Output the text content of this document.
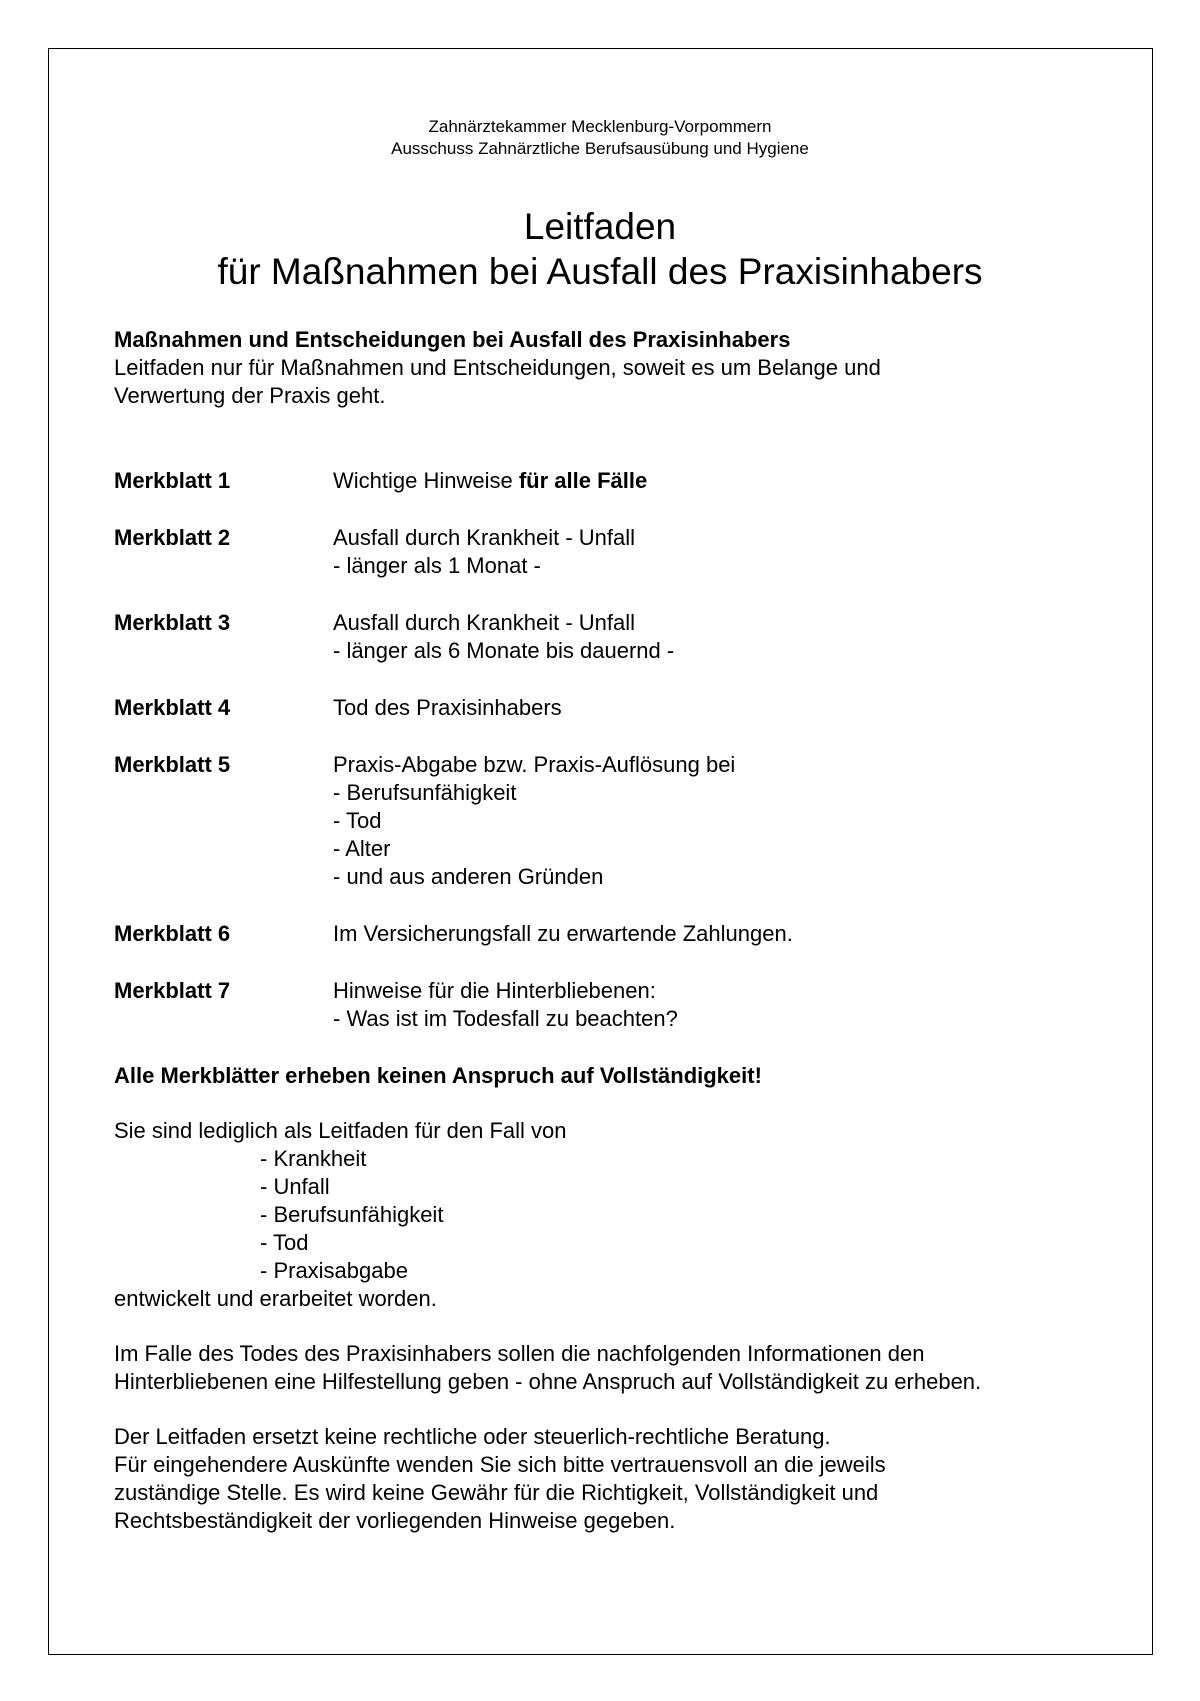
Zahnärztekammer Mecklenburg-Vorpommern
Ausschuss Zahnärztliche Berufsausübung und Hygiene
Leitfaden
für Maßnahmen bei Ausfall des Praxisinhabers

Maßnahmen und Entscheidungen bei Ausfall des Praxisinhabers

Leitfaden nur für Maßnahmen und Entscheidungen, soweit es um Belange und

Verwertung der Praxis geht.

Merkblatt 1	Wichtige Hinweise für alle Fälle
Merkblatt 2	Ausfall durch Krankheit - Unfall
- länger als 1 Monat -
Merkblatt 3	Ausfall durch Krankheit - Unfall
- länger als 6 Monate bis dauernd -
Merkblatt 4	Tod des Praxisinhabers
Merkblatt 5	Praxis-Abgabe bzw. Praxis-Auflösung bei
- Berufsunfähigkeit
- Tod
- Alter
- und aus anderen Gründen
Merkblatt 6	Im Versicherungsfall zu erwartende Zahlungen.
Merkblatt 7	Hinweise für die Hinterbliebenen:
- Was ist im Todesfall zu beachten?

Alle Merkblätter erheben keinen Anspruch auf Vollständigkeit!

Sie sind lediglich als Leitfaden für den Fall von

- Krankheit

- Unfall

- Berufsunfähigkeit

- Tod

- Praxisabgabe

entwickelt und erarbeitet worden.

Im Falle des Todes des Praxisinhabers sollen die nachfolgenden Informationen den

Hinterbliebenen eine Hilfestellung geben - ohne Anspruch auf Vollständigkeit zu erheben.

Der Leitfaden ersetzt keine rechtliche oder steuerlich-rechtliche Beratung.

Für eingehendere Auskünfte wenden Sie sich bitte vertrauensvoll an die jeweils

zuständige Stelle. Es wird keine Gewähr für die Richtigkeit, Vollständigkeit und

Rechtsbeständigkeit der vorliegenden Hinweise gegeben.
